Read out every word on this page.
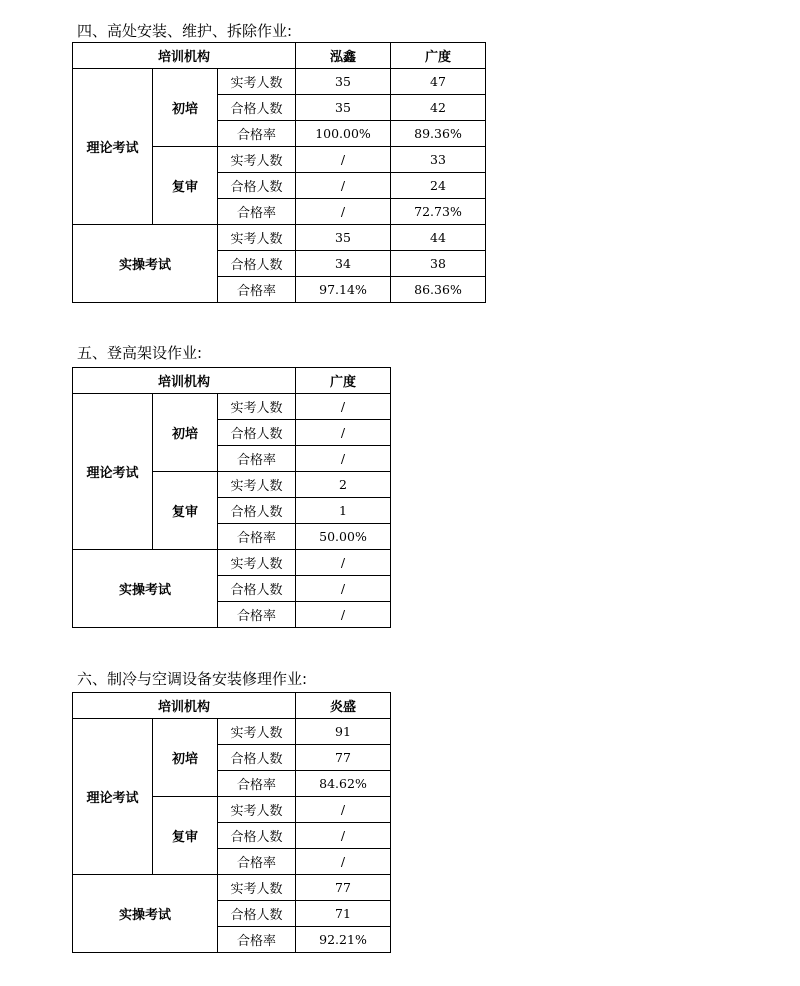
四、高处安装、维护、拆除作业:
培训机构			泓鑫	广度
理论考试	初培	实考人数	35	47
		合格人数	35	42
		合格率	100.00%	89.36%
	复审	实考人数	/	33
		合格人数	/	24
		合格率	/	72.73%
实操考试		实考人数	35	44
		合格人数	34	38
		合格率	97.14%	86.36%
五、登高架设作业:
培训机构			广度
理论考试	初培	实考人数	/
		合格人数	/
		合格率	/
	复审	实考人数	2
		合格人数	1
		合格率	50.00%
实操考试		实考人数	/
		合格人数	/
		合格率	/
六、制冷与空调设备安装修理作业:
培训机构			炎盛
理论考试	初培	实考人数	91
		合格人数	77
		合格率	84.62%
	复审	实考人数	/
		合格人数	/
		合格率	/
实操考试		实考人数	77
		合格人数	71
		合格率	92.21%
